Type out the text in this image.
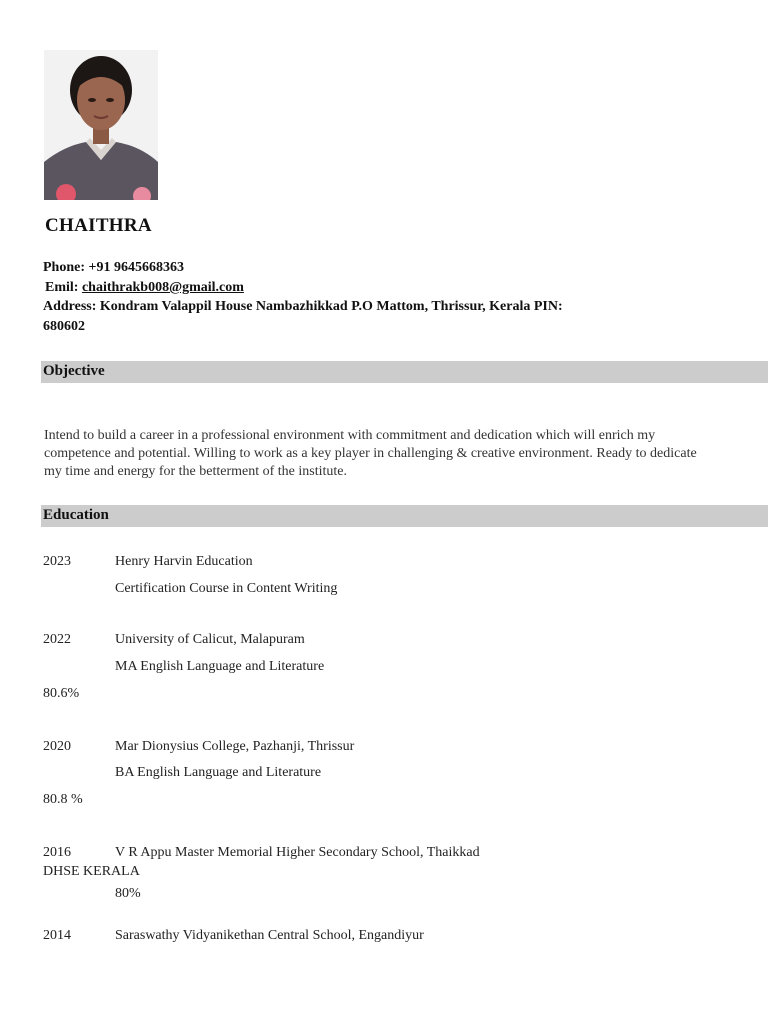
CHAITHRA
Phone: +91 9645668363
Emil: chaithrakb008@gmail.com
Address: Kondram Valappil House Nambazhikkad P.O Mattom, Thrissur, Kerala PIN:
680602
Objective

Intend to build a career in a professional environment with commitment and dedication which will enrich my

competence and potential. Willing to work as a key player in challenging & creative environment. Ready to dedicate

my time and energy for the betterment of the institute.

Education
2023	Henry Harvin Education
Certification Course in Content Writing
2022	University of Calicut, Malapuram
MA English Language and Literature
80.6%
2020	Mar Dionysius College, Pazhanji, Thrissur
BA English Language and Literature
80.8 %
2016	V R Appu Master Memorial Higher Secondary School, Thaikkad
DHSE KERALA
80%
2014	Saraswathy Vidyanikethan Central School, Engandiyur
